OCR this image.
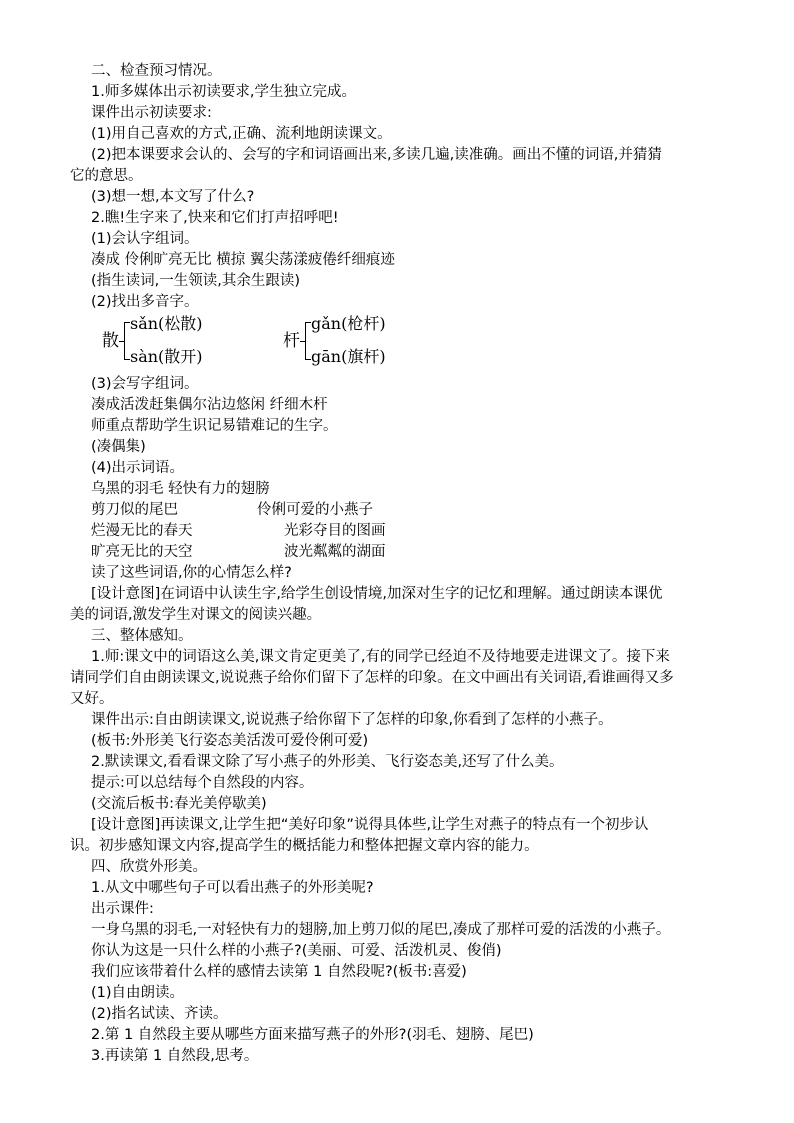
二、检查预习情况。
1.师多媒体出示初读要求,学生独立完成。
课件出示初读要求:
(1)用自己喜欢的方式,正确、流利地朗读课文。
(2)把本课要求会认的、会写的字和词语画出来,多读几遍,读准确。画出不懂的词语,并猜猜
它的意思。
(3)想一想,本文写了什么?
2.瞧!生字来了,快来和它们打声招呼吧!
(1)会认字组词。
凑成 伶俐旷亮无比 横掠 翼尖荡漾疲倦纤细痕迹
(指生读词,一生领读,其余生跟读)
(2)找出多音字。
散
sǎn(松散)
sàn(散开)
杆
gǎn(枪杆)
gān(旗杆)
(3)会写字组词。
凑成活泼赶集偶尔沾边悠闲 纤细木杆
师重点帮助学生识记易错难记的生字。
(凑偶集)
(4)出示词语。
乌黑的羽毛 轻快有力的翅膀
剪刀似的尾巴	伶俐可爱的小燕子
烂漫无比的春天	光彩夺目的图画
旷亮无比的天空	波光粼粼的湖面
读了这些词语,你的心情怎么样?
[设计意图]在词语中认读生字,给学生创设情境,加深对生字的记忆和理解。通过朗读本课优
美的词语,激发学生对课文的阅读兴趣。
三、整体感知。
1.师:课文中的词语这么美,课文肯定更美了,有的同学已经迫不及待地要走进课文了。接下来
请同学们自由朗读课文,说说燕子给你们留下了怎样的印象。在文中画出有关词语,看谁画得又多
又好。
课件出示:自由朗读课文,说说燕子给你留下了怎样的印象,你看到了怎样的小燕子。
(板书:外形美飞行姿态美活泼可爱伶俐可爱)
2.默读课文,看看课文除了写小燕子的外形美、飞行姿态美,还写了什么美。
提示:可以总结每个自然段的内容。
(交流后板书:春光美停歇美)
[设计意图]再读课文,让学生把“美好印象”说得具体些,让学生对燕子的特点有一个初步认
识。初步感知课文内容,提高学生的概括能力和整体把握文章内容的能力。
四、欣赏外形美。
1.从文中哪些句子可以看出燕子的外形美呢?
出示课件:
一身乌黑的羽毛,一对轻快有力的翅膀,加上剪刀似的尾巴,凑成了那样可爱的活泼的小燕子。
你认为这是一只什么样的小燕子?(美丽、可爱、活泼机灵、俊俏)
我们应该带着什么样的感情去读第 1 自然段呢?(板书:喜爱)
(1)自由朗读。
(2)指名试读、齐读。
2.第 1 自然段主要从哪些方面来描写燕子的外形?(羽毛、翅膀、尾巴)
3.再读第 1 自然段,思考。
